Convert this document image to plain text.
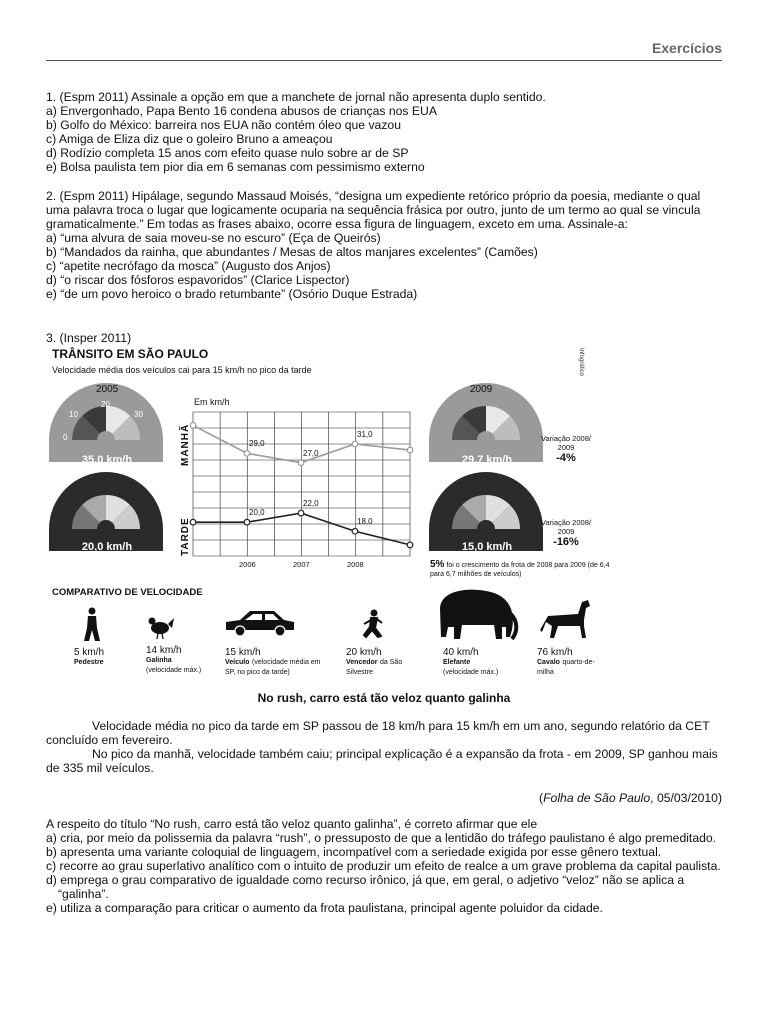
Exercícios

1. (Espm 2011) Assinale a opção em que a manchete de jornal não apresenta duplo sentido.

a) Envergonhado, Papa Bento 16 condena abusos de crianças nos EUA

b) Golfo do México: barreira nos EUA não contém óleo que vazou

c) Amiga de Eliza diz que o goleiro Bruno a ameaçou

d) Rodízio completa 15 anos com efeito quase nulo sobre ar de SP

e) Bolsa paulista tem pior dia em 6 semanas com pessimismo externo

2. (Espm 2011) Hipálage, segundo Massaud Moisés, “designa um expediente retórico próprio da poesia, mediante o qual uma palavra troca o lugar que logicamente ocuparia na sequência frásica por outro, junto de um termo ao qual se vincula gramaticalmente.” Em todas as frases abaixo, ocorre essa figura de linguagem, exceto em uma. Assinale-a:

a) “uma alvura de saia moveu-se no escuro” (Eça de Queirós)

b) “Mandados da rainha, que abundantes / Mesas de altos manjares excelentes” (Camões)

c) “apetite necrófago da mosca” (Augusto dos Anjos)

d) “o riscar dos fósforos espavoridos” (Clarice Lispector)

e) “de um povo heroico o brado retumbante” (Osório Duque Estrada)

3. (Insper 2011)
TRÂNSITO EM SÃO PAULO
Velocidade média dos veículos cai para 15 km/h no pico da tarde	Infográfico
2005	2009
Em km/h
10
20
30
0
35,0 km/h	29,7 km/h
20,0 km/h	15,0 km/h
Variação 2008/ 2009
-4%
Variação 2008/ 2009
-16%
MANHÃ
TARDE
29,0
27,0
31,0
20,0
22,0
18,0
2006	2007	2008	5% foi o crescimento da frota de 2008 para 2009 (de 6,4 para 6,7 milhões de veículos)
COMPARATIVO DE VELOCIDADE
5 km/h
Pedestre
14 km/h
Galinha
(velocidade máx.)
15 km/h
Veículo (velocidade média em SP, no pico da tarde)
20 km/h
Vencedor da São Silvestre
40 km/h
Elefante
(velocidade máx.)
76 km/h
Cavalo quarto-de-milha
No rush, carro está tão veloz quanto galinha
Velocidade média no pico da tarde em SP passou de 18 km/h para 15 km/h em um ano, segundo relatório da CET concluído em fevereiro.
No pico da manhã, velocidade também caiu; principal explicação é a expansão da frota - em 2009, SP ganhou mais de 335 mil veículos.
(Folha de São Paulo, 05/03/2010)

A respeito do título “No rush, carro está tão veloz quanto galinha”, é correto afirmar que ele

a) cria, por meio da polissemia da palavra “rush”, o pressuposto de que a lentidão do tráfego paulistano é algo premeditado.

b) apresenta uma variante coloquial de linguagem, incompatível com a seriedade exigida por esse gênero textual.

c) recorre ao grau superlativo analítico com o intuito de produzir um efeito de realce a um grave problema da capital paulista.

d) emprega o grau comparativo de igualdade como recurso irônico, já que, em geral, o adjetivo “veloz” não se aplica a “galinha”.

e) utiliza a comparação para criticar o aumento da frota paulistana, principal agente poluidor da cidade.
